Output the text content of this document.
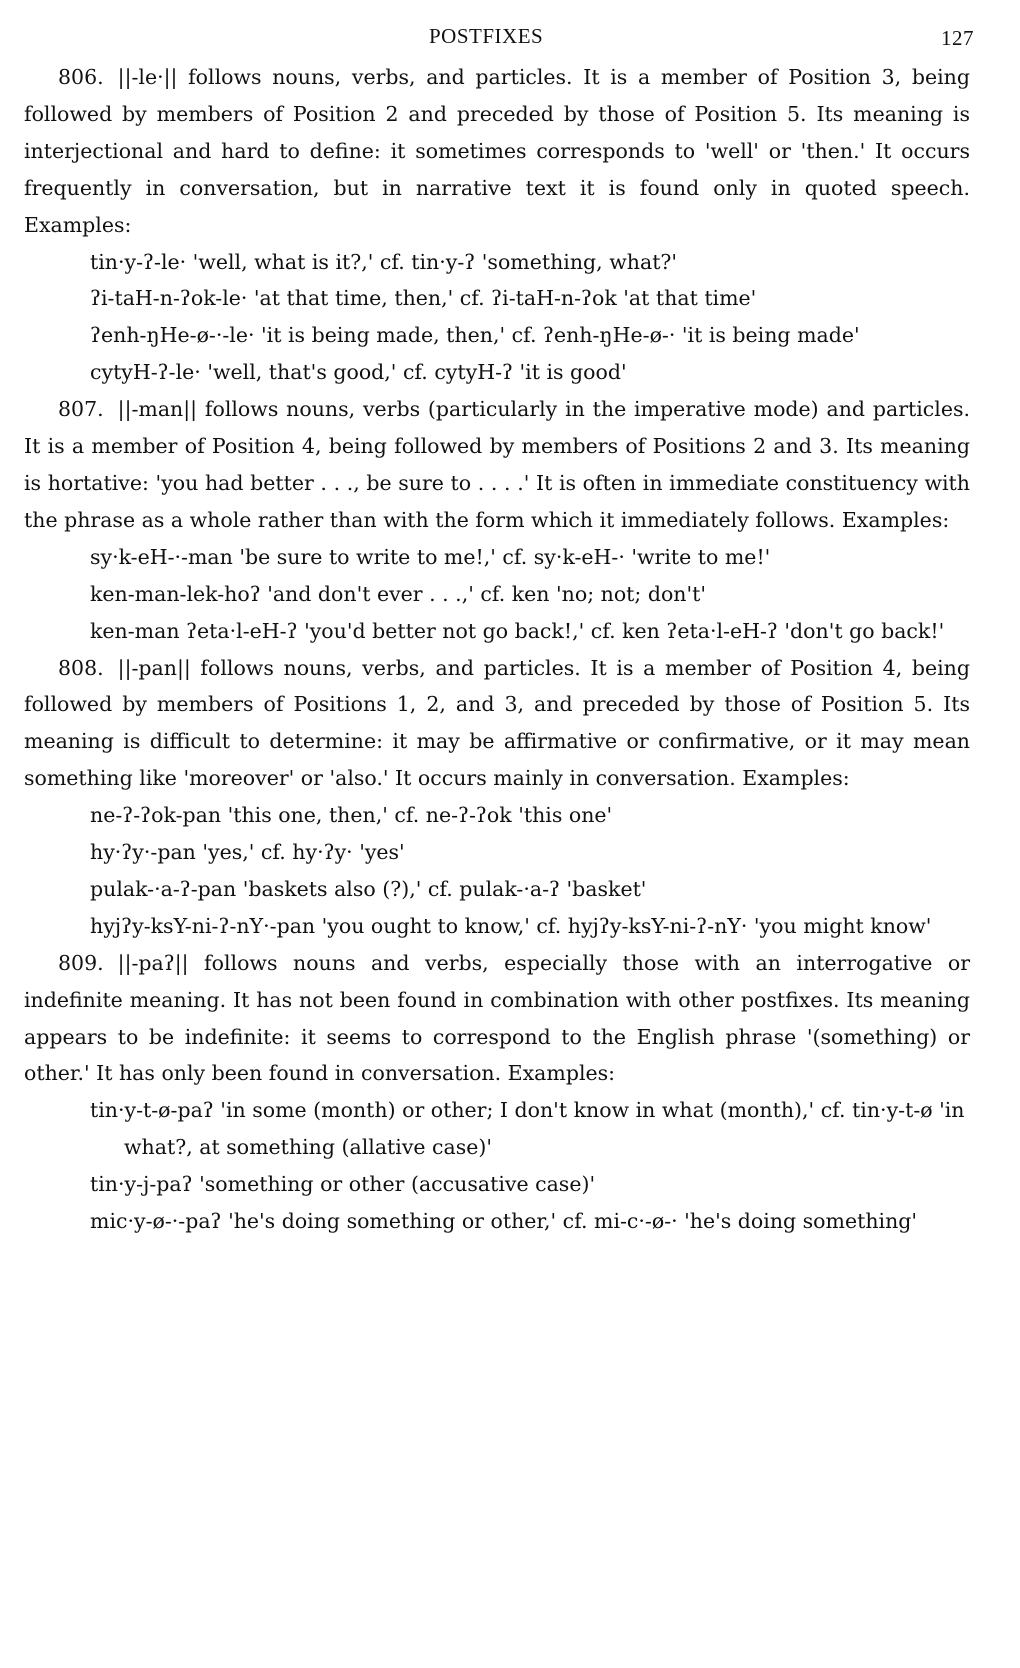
POSTFIXES	127

806. ||-le·|| follows nouns, verbs, and particles. It is a member of Position 3, being followed by members of Position 2 and preceded by those of Position 5. Its meaning is interjectional and hard to define: it sometimes corresponds to 'well' or 'then.' It occurs frequently in conversation, but in narrative text it is found only in quoted speech. Examples:

tin·y-ʔ-le· 'well, what is it?,' cf. tin·y-ʔ 'something, what?'
ʔi-taH-n-ʔok-le· 'at that time, then,' cf. ʔi-taH-n-ʔok 'at that time'
ʔenh-ŋHe-ø-·-le· 'it is being made, then,' cf. ʔenh-ŋHe-ø-· 'it is being made'
cytyH-ʔ-le· 'well, that's good,' cf. cytyH-ʔ 'it is good'

807. ||-man|| follows nouns, verbs (particularly in the imperative mode) and particles. It is a member of Position 4, being followed by members of Positions 2 and 3. Its meaning is hortative: 'you had better . . ., be sure to . . . .' It is often in immediate constituency with the phrase as a whole rather than with the form which it immediately follows. Examples:

sy·k-eH-·-man 'be sure to write to me!,' cf. sy·k-eH-· 'write to me!'
ken-man-lek-hoʔ 'and don't ever . . .,' cf. ken 'no; not; don't'
ken-man ʔeta·l-eH-ʔ 'you'd better not go back!,' cf. ken ʔeta·l-eH-ʔ 'don't go back!'

808. ||-pan|| follows nouns, verbs, and particles. It is a member of Position 4, being followed by members of Positions 1, 2, and 3, and preceded by those of Position 5. Its meaning is difficult to determine: it may be affirmative or confirmative, or it may mean something like 'moreover' or 'also.' It occurs mainly in conversation. Examples:

ne-ʔ-ʔok-pan 'this one, then,' cf. ne-ʔ-ʔok 'this one'
hy·ʔy·-pan 'yes,' cf. hy·ʔy· 'yes'
pulak-·a-ʔ-pan 'baskets also (?),' cf. pulak-·a-ʔ 'basket'
hyjʔy-ksY-ni-ʔ-nY·-pan 'you ought to know,' cf. hyjʔy-ksY-ni-ʔ-nY· 'you might know'

809. ||-paʔ|| follows nouns and verbs, especially those with an interrogative or indefinite meaning. It has not been found in combination with other postfixes. Its meaning appears to be indefinite: it seems to correspond to the English phrase '(something) or other.' It has only been found in conversation. Examples:

tin·y-t-ø-paʔ 'in some (month) or other; I don't know in what (month),' cf. tin·y-t-ø 'in what?, at something (allative case)'
tin·y-j-paʔ 'something or other (accusative case)'
mic·y-ø-·-paʔ 'he's doing something or other,' cf. mi-c·-ø-· 'he's doing something'
